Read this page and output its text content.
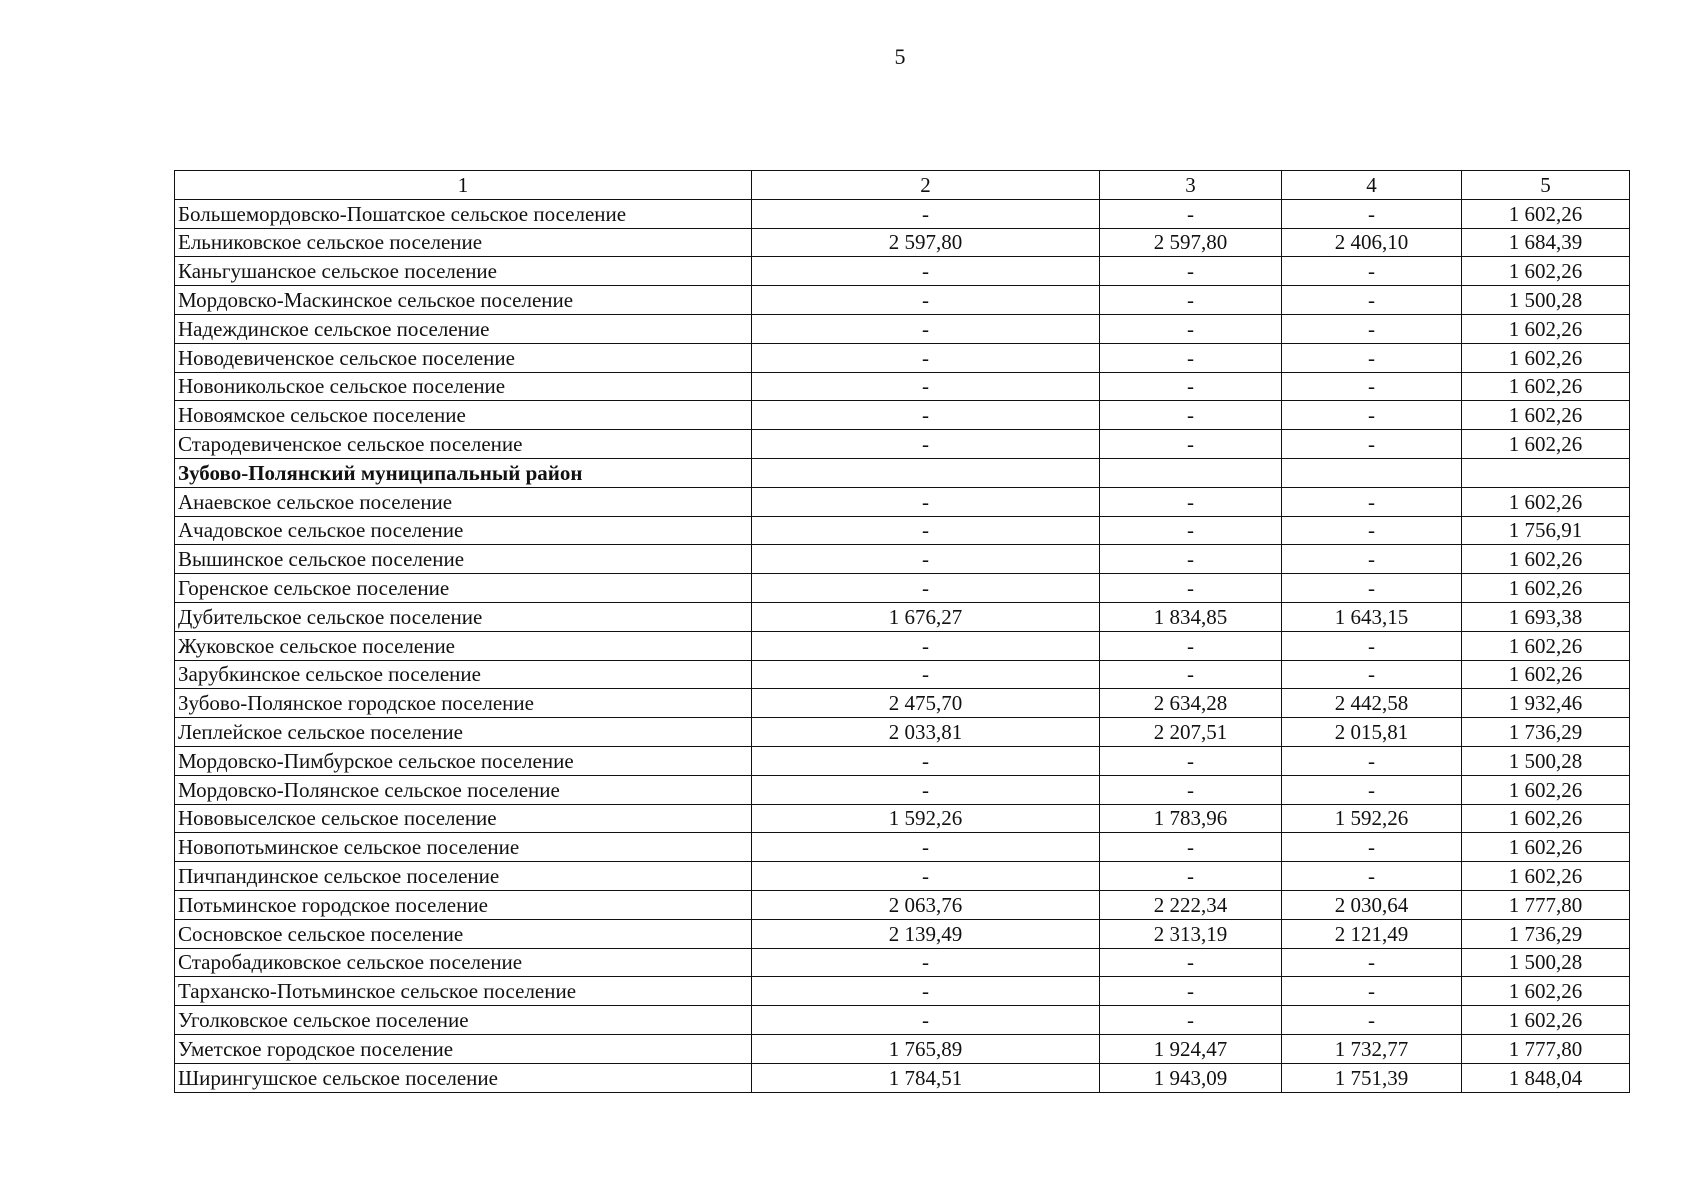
5
1	2	3	4	5
Большемордовско-Пошатское сельское поселение	-	-	-	1 602,26
Ельниковское сельское поселение	2 597,80	2 597,80	2 406,10	1 684,39
Каньгушанское сельское поселение	-	-	-	1 602,26
Мордовско-Маскинское сельское поселение	-	-	-	1 500,28
Надеждинское сельское поселение	-	-	-	1 602,26
Новодевиченское сельское поселение	-	-	-	1 602,26
Новоникольское сельское поселение	-	-	-	1 602,26
Новоямское сельское поселение	-	-	-	1 602,26
Стародевиченское сельское поселение	-	-	-	1 602,26
Зубово-Полянский муниципальный район				
Анаевское сельское поселение	-	-	-	1 602,26
Ачадовское сельское поселение	-	-	-	1 756,91
Вышинское сельское поселение	-	-	-	1 602,26
Горенское сельское поселение	-	-	-	1 602,26
Дубительское сельское поселение	1 676,27	1 834,85	1 643,15	1 693,38
Жуковское сельское поселение	-	-	-	1 602,26
Зарубкинское сельское поселение	-	-	-	1 602,26
Зубово-Полянское городское поселение	2 475,70	2 634,28	2 442,58	1 932,46
Леплейское сельское поселение	2 033,81	2 207,51	2 015,81	1 736,29
Мордовско-Пимбурское сельское поселение	-	-	-	1 500,28
Мордовско-Полянское сельское поселение	-	-	-	1 602,26
Нововыселское сельское поселение	1 592,26	1 783,96	1 592,26	1 602,26
Новопотьминское сельское поселение	-	-	-	1 602,26
Пичпандинское сельское поселение	-	-	-	1 602,26
Потьминское городское поселение	2 063,76	2 222,34	2 030,64	1 777,80
Сосновское сельское поселение	2 139,49	2 313,19	2 121,49	1 736,29
Старобадиковское сельское поселение	-	-	-	1 500,28
Тарханско-Потьминское сельское поселение	-	-	-	1 602,26
Уголковское сельское поселение	-	-	-	1 602,26
Уметское городское поселение	1 765,89	1 924,47	1 732,77	1 777,80
Ширингушское сельское поселение	1 784,51	1 943,09	1 751,39	1 848,04
